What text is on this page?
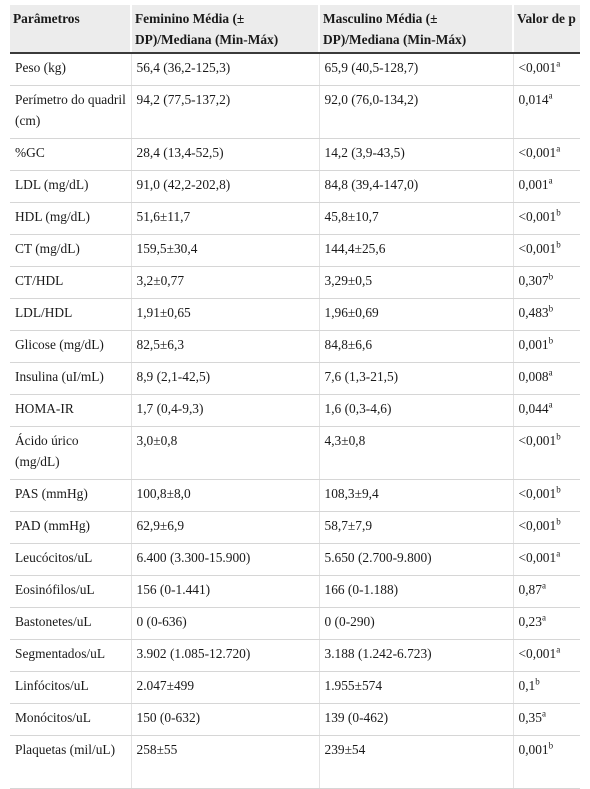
Parâmetros	Feminino Média (± DP)/Mediana (Min-Máx)	Masculino Média (± DP)/Mediana (Min-Máx)	Valor de p
Peso (kg)	56,4 (36,2-125,3)	65,9 (40,5-128,7)	<0,001$^a$
Perímetro do quadril (cm)	94,2 (77,5-137,2)	92,0 (76,0-134,2)	0,014$^a$
%GC	28,4 (13,4-52,5)	14,2 (3,9-43,5)	<0,001$^a$
LDL (mg/dL)	91,0 (42,2-202,8)	84,8 (39,4-147,0)	0,001$^a$
HDL (mg/dL)	51,6±11,7	45,8±10,7	<0,001$^b$
CT (mg/dL)	159,5±30,4	144,4±25,6	<0,001$^b$
CT/HDL	3,2±0,77	3,29±0,5	0,307$^b$
LDL/HDL	1,91±0,65	1,96±0,69	0,483$^b$
Glicose (mg/dL)	82,5±6,3	84,8±6,6	0,001$^b$
Insulina (uI/mL)	8,9 (2,1-42,5)	7,6 (1,3-21,5)	0,008$^a$
HOMA-IR	1,7 (0,4-9,3)	1,6 (0,3-4,6)	0,044$^a$
Ácido úrico (mg/dL)	3,0±0,8	4,3±0,8	<0,001$^b$
PAS (mmHg)	100,8±8,0	108,3±9,4	<0,001$^b$
PAD (mmHg)	62,9±6,9	58,7±7,9	<0,001$^b$
Leucócitos/uL	6.400 (3.300-15.900)	5.650 (2.700-9.800)	<0,001$^a$
Eosinófilos/uL	156 (0-1.441)	166 (0-1.188)	0,87$^a$
Bastonetes/uL	0 (0-636)	0 (0-290)	0,23$^a$
Segmentados/uL	3.902 (1.085-12.720)	3.188 (1.242-6.723)	<0,001$^a$
Linfócitos/uL	2.047±499	1.955±574	0,1$^b$
Monócitos/uL	150 (0-632)	139 (0-462)	0,35$^a$
Plaquetas (mil/uL)	258±55	239±54	0,001$^b$
